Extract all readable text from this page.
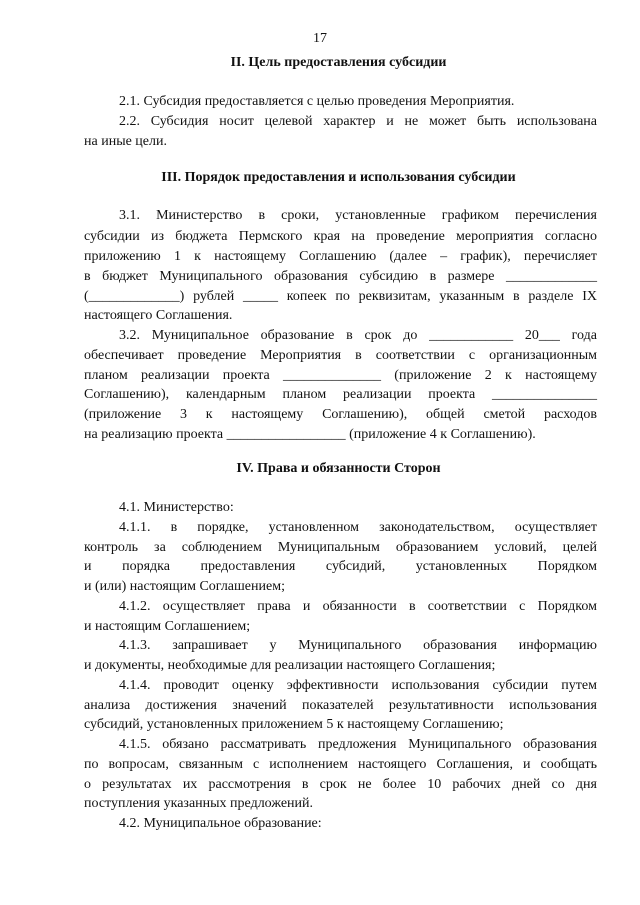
17
II. Цель предоставления субсидии
2.1. Субсидия предоставляется с целью проведения Мероприятия.
2.2. Субсидия носит целевой характер и не может быть использована
на иные цели.
III. Порядок предоставления и использования субсидии
3.1. Министерство в сроки, установленные графиком перечисления
субсидии из бюджета Пермского края на проведение мероприятия согласно
приложению 1 к настоящему Соглашению (далее – график), перечисляет
в бюджет Муниципального образования субсидию в размере _____________
(_____________) рублей _____ копеек по реквизитам, указанным в разделе IX
настоящего Соглашения.
3.2. Муниципальное образование в срок до ____________ 20___ года
обеспечивает проведение Мероприятия в соответствии с организационным
планом реализации проекта ______________ (приложение 2 к настоящему
Соглашению), календарным планом реализации проекта _______________
(приложение 3 к настоящему Соглашению), общей сметой расходов
на реализацию проекта _________________ (приложение 4 к Соглашению).
IV. Права и обязанности Сторон
4.1. Министерство:
4.1.1. в порядке, установленном законодательством, осуществляет
контроль за соблюдением Муниципальным образованием условий, целей
и порядка предоставления субсидий, установленных Порядком
и (или) настоящим Соглашением;
4.1.2. осуществляет права и обязанности в соответствии с Порядком
и настоящим Соглашением;
4.1.3. запрашивает у Муниципального образования информацию
и документы, необходимые для реализации настоящего Соглашения;
4.1.4. проводит оценку эффективности использования субсидии путем
анализа достижения значений показателей результативности использования
субсидий, установленных приложением 5 к настоящему Соглашению;
4.1.5. обязано рассматривать предложения Муниципального образования
по вопросам, связанным с исполнением настоящего Соглашения, и сообщать
о результатах их рассмотрения в срок не более 10 рабочих дней со дня
поступления указанных предложений.
4.2. Муниципальное образование:
